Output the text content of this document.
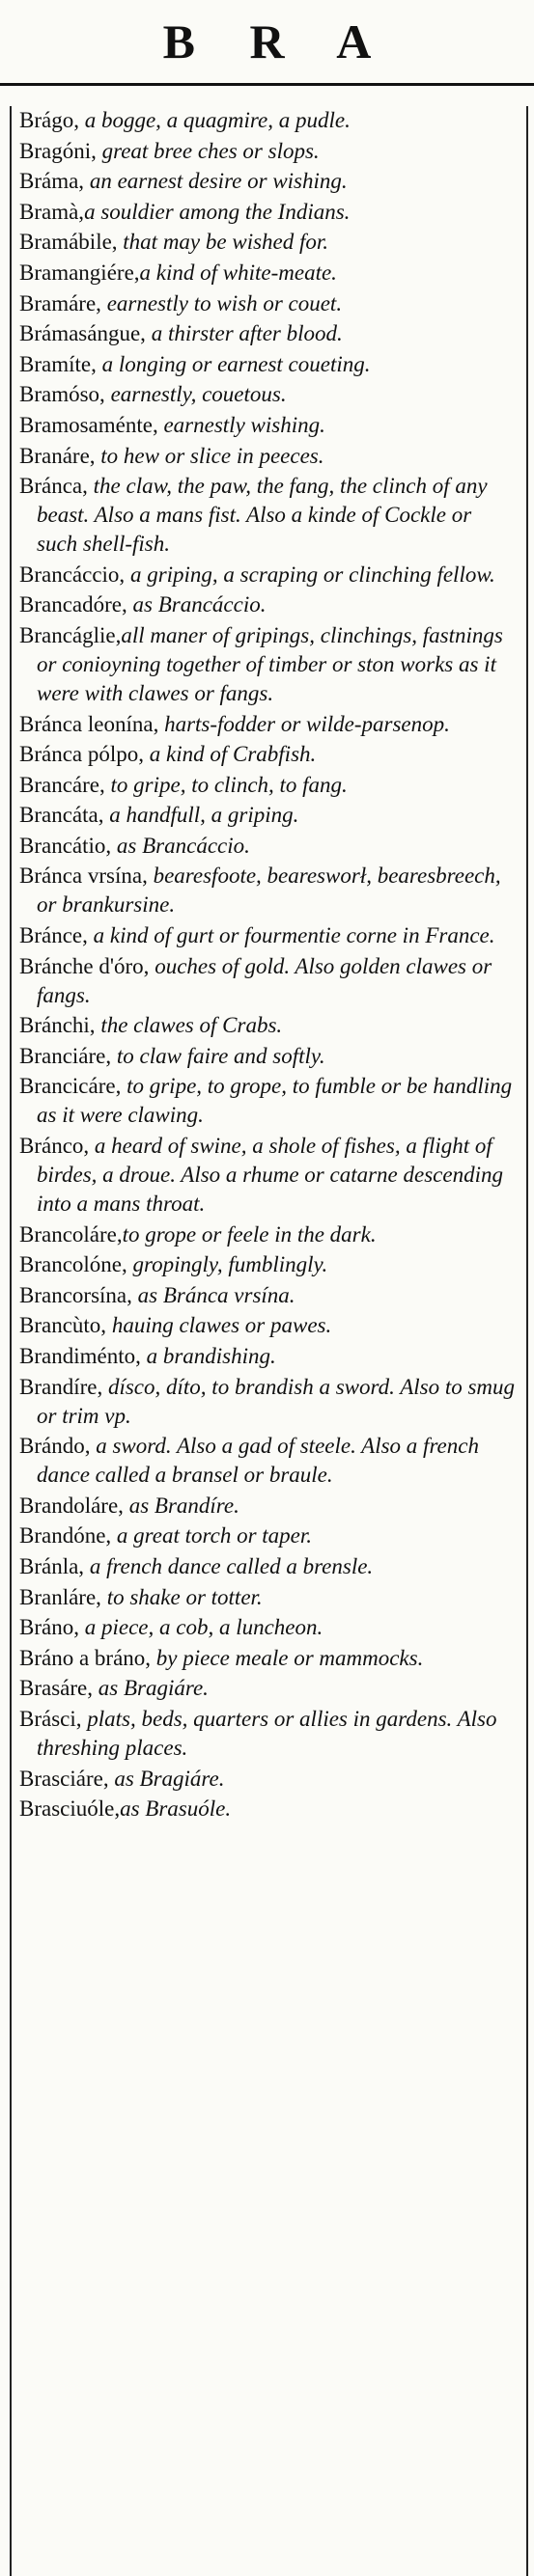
B R A

Brágo, a bogge, a quagmire, a pudle.

Bragóni, great bree ches or slops.

Bráma, an earnest desire or wishing.

Bramà,a souldier among the Indians.

Bramábile, that may be wished for.

Bramangiére,a kind of white-meate.

Bramáre, earnestly to wish or couet.

Brámasángue, a thirster after blood.

Bramíte, a longing or earnest coueting.

Bramóso, earnestly, couetous.

Bramosaménte, earnestly wishing.

Branáre, to hew or slice in peeces.

Bránca, the claw, the paw, the fang, the clinch of any beast. Also a mans fist. Also a kinde of Cockle or such shell-fish.

Brancáccio, a griping, a scraping or clinching fellow.

Brancadóre, as Brancáccio.

Brancáglie,all maner of gripings, clinchings, fastnings or conioyning together of timber or ston works as it were with clawes or fangs.

Bránca leonína, harts-fodder or wilde-parsenop.

Bránca pólpo, a kind of Crabfish.

Brancáre, to gripe, to clinch, to fang.

Brancáta, a handfull, a griping.

Brancátio, as Brancáccio.

Bránca vrsína, bearesfoote, bearesworł, bearesbreech, or brankursine.

Bránce, a kind of gurt or fourmentie corne in France.

Bránche d'óro, ouches of gold. Also golden clawes or fangs.

Bránchi, the clawes of Crabs.

Branciáre, to claw faire and softly.

Brancicáre, to gripe, to grope, to fumble or be handling as it were clawing.

Bránco, a heard of swine, a shole of fishes, a flight of birdes, a droue. Also a rhume or catarne descending into a mans throat.

Brancoláre,to grope or feele in the dark.

Brancolóne, gropingly, fumblingly.

Brancorsína, as Bránca vrsína.

Brancùto, hauing clawes or pawes.

Brandiménto, a brandishing.

Brandíre, dísco, díto, to brandish a sword. Also to smug or trim vp.

Brándo, a sword. Also a gad of steele. Also a french dance called a bransel or braule.

Brandoláre, as Brandíre.

Brandóne, a great torch or taper.

Bránla, a french dance called a brensle.

Branláre, to shake or totter.

Bráno, a piece, a cob, a luncheon.

Bráno a bráno, by piece meale or mammocks.

Brasáre, as Bragiáre.

Brásci, plats, beds, quarters or allies in gardens. Also threshing places.

Brasciáre, as Bragiáre.

Brasciuóle,as Brasuóle.
